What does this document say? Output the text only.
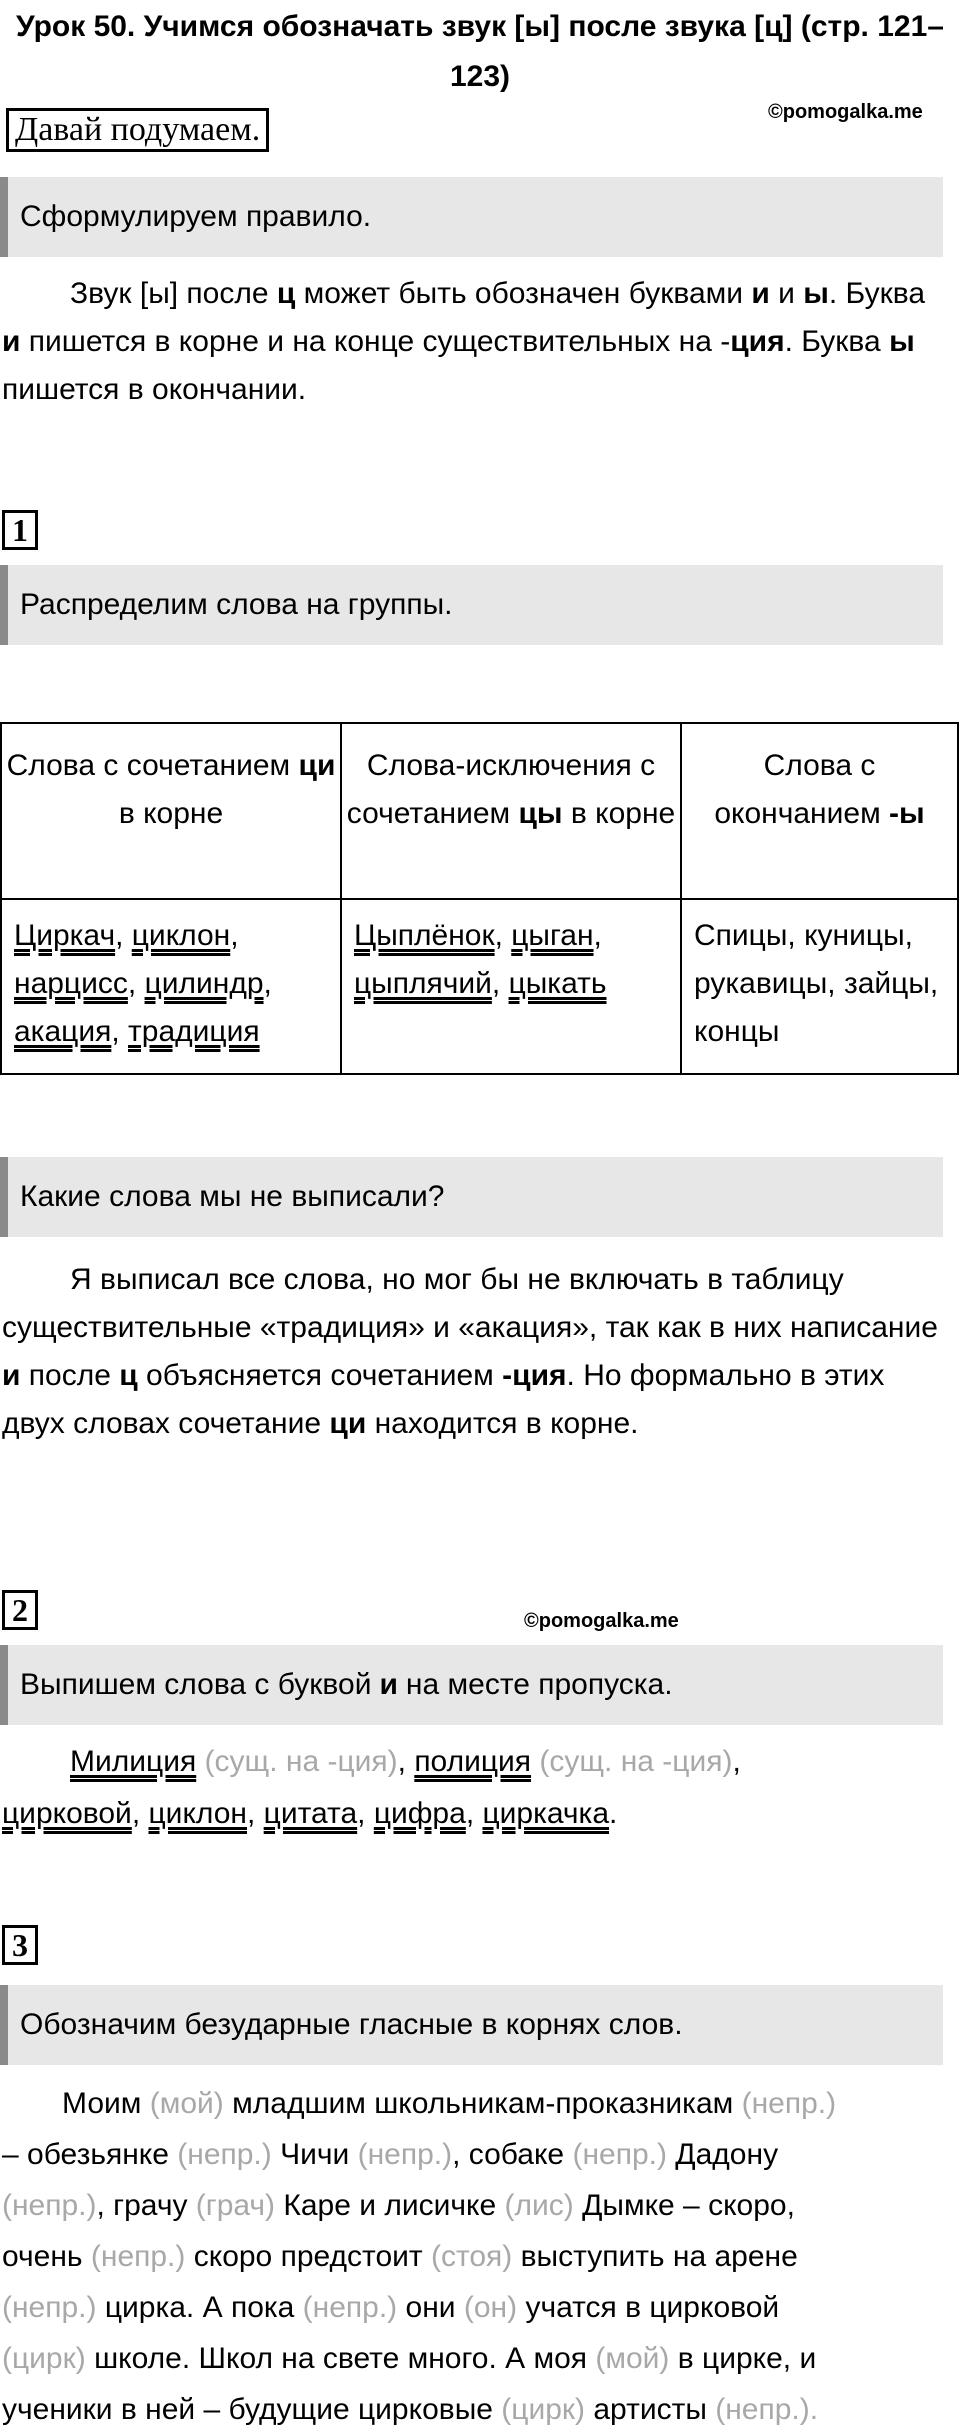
Урок 50. Учимся обозначать звук [ы] после звука [ц] (стр. 121–123)
Давай подумаем.	©pomogalka.me
Сформулируем правило.
Звук [ы] после ц может быть обозначен буквами и и ы. Буква и пишется в корне и на конце существительных на -ция. Буква ы пишется в окончании.
1
Распределим слова на группы.
Слова с сочетанием ци в корне	Слова-исключения с сочетанием цы в корне	Слова с окончанием -ы
Циркач, циклон, нарцисс, цилиндр, акация, традиция	Цыплёнок, цыган, цыплячий, цыкать	Спицы, куницы, рукавицы, зайцы, концы
Какие слова мы не выписали?
Я выписал все слова, но мог бы не включать в таблицу существительные «традиция» и «акация», так как в них написание и после ц объясняется сочетанием -ция. Но формально в этих двух словах сочетание ци находится в корне.
2	©pomogalka.me
Выпишем слова с буквой и на месте пропуска.
Милиция (сущ. на -ция), полиция (сущ. на -ция),
цирковой, циклон, цитата, цифра, циркачка.
3
Обозначим безударные гласные в корнях слов.
Моим (мой) младшим школьникам-проказникам (непр.)
– обезьянке (непр.) Чичи (непр.), собаке (непр.) Дадону
(непр.), грачу (грач) Каре и лисичке (лис) Дымке – скоро,
очень (непр.) скоро предстоит (стоя) выступить на арене
(непр.) цирка. А пока (непр.) они (он) учатся в цирковой
(цирк) школе. Школ на свете много. А моя (мой) в цирке, и
ученики в ней – будущие цирковые (цирк) артисты (непр.).
